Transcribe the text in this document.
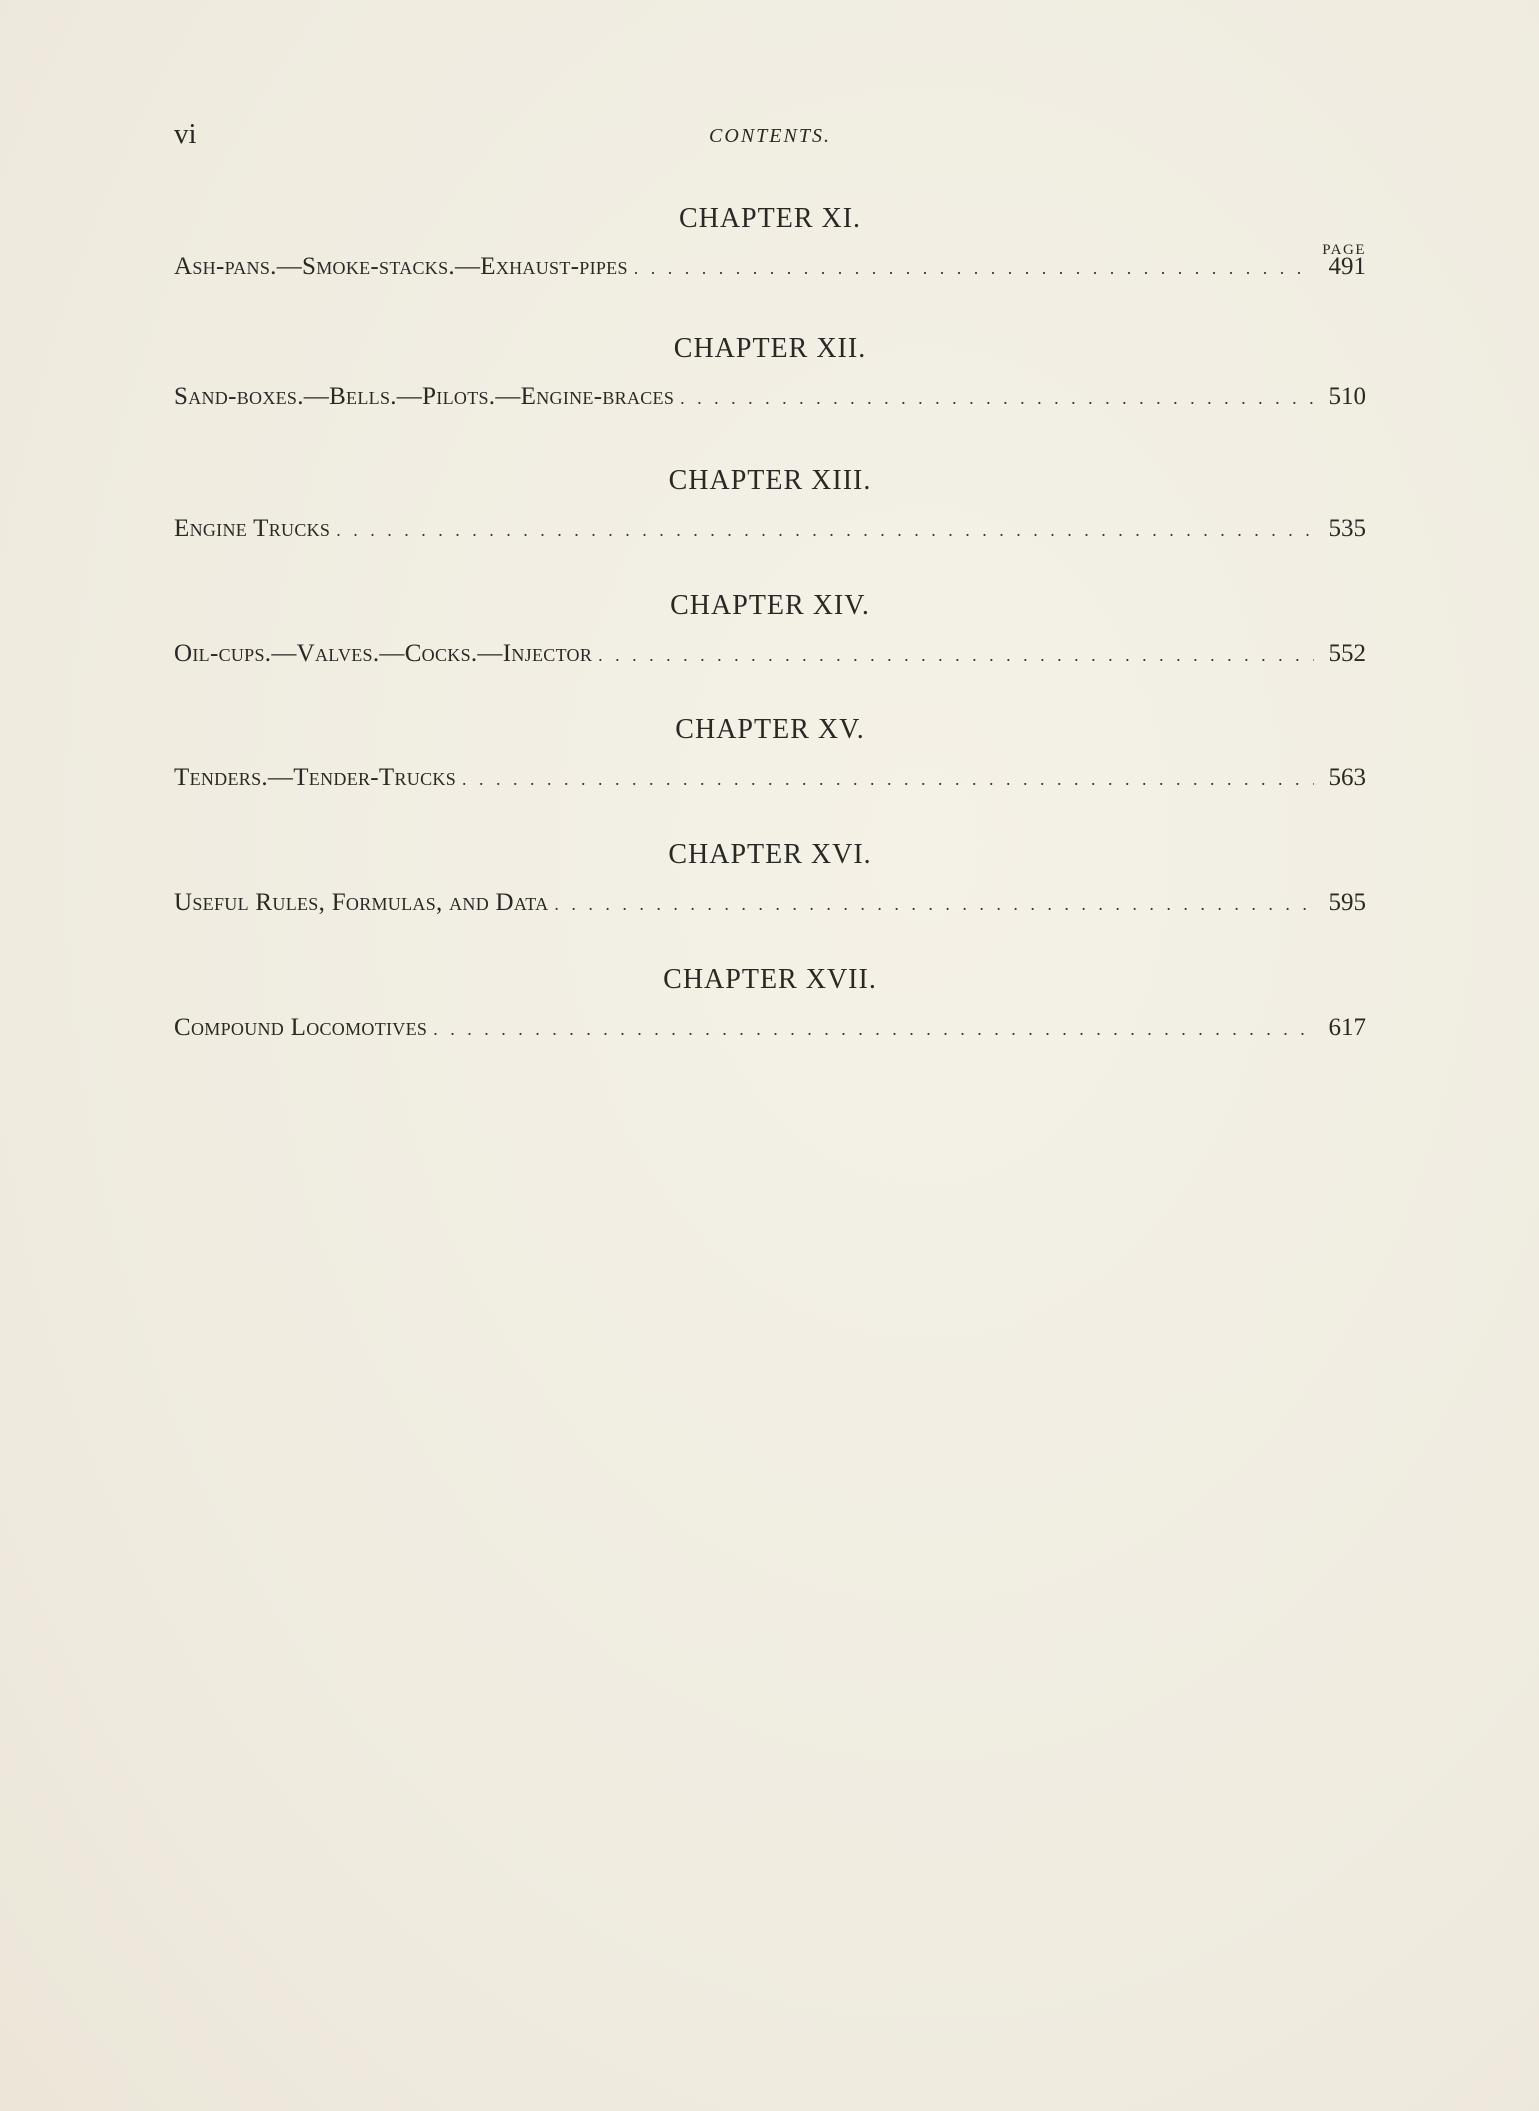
vi	CONTENTS.
CHAPTER XI.
PAGE
Ash-pans.—Smoke-stacks.—Exhaust-pipes . . .	491
CHAPTER XII.
Sand-boxes.—Bells.—Pilots.—Engine-braces . . .	510
CHAPTER XIII.
Engine Trucks . . .	535
CHAPTER XIV.
Oil-cups.—Valves.—Cocks.—Injector . . .	552
CHAPTER XV.
Tenders.—Tender-Trucks . . .	563
CHAPTER XVI.
Useful Rules, Formulas, and Data . . .	595
CHAPTER XVII.
Compound Locomotives . . .	617
